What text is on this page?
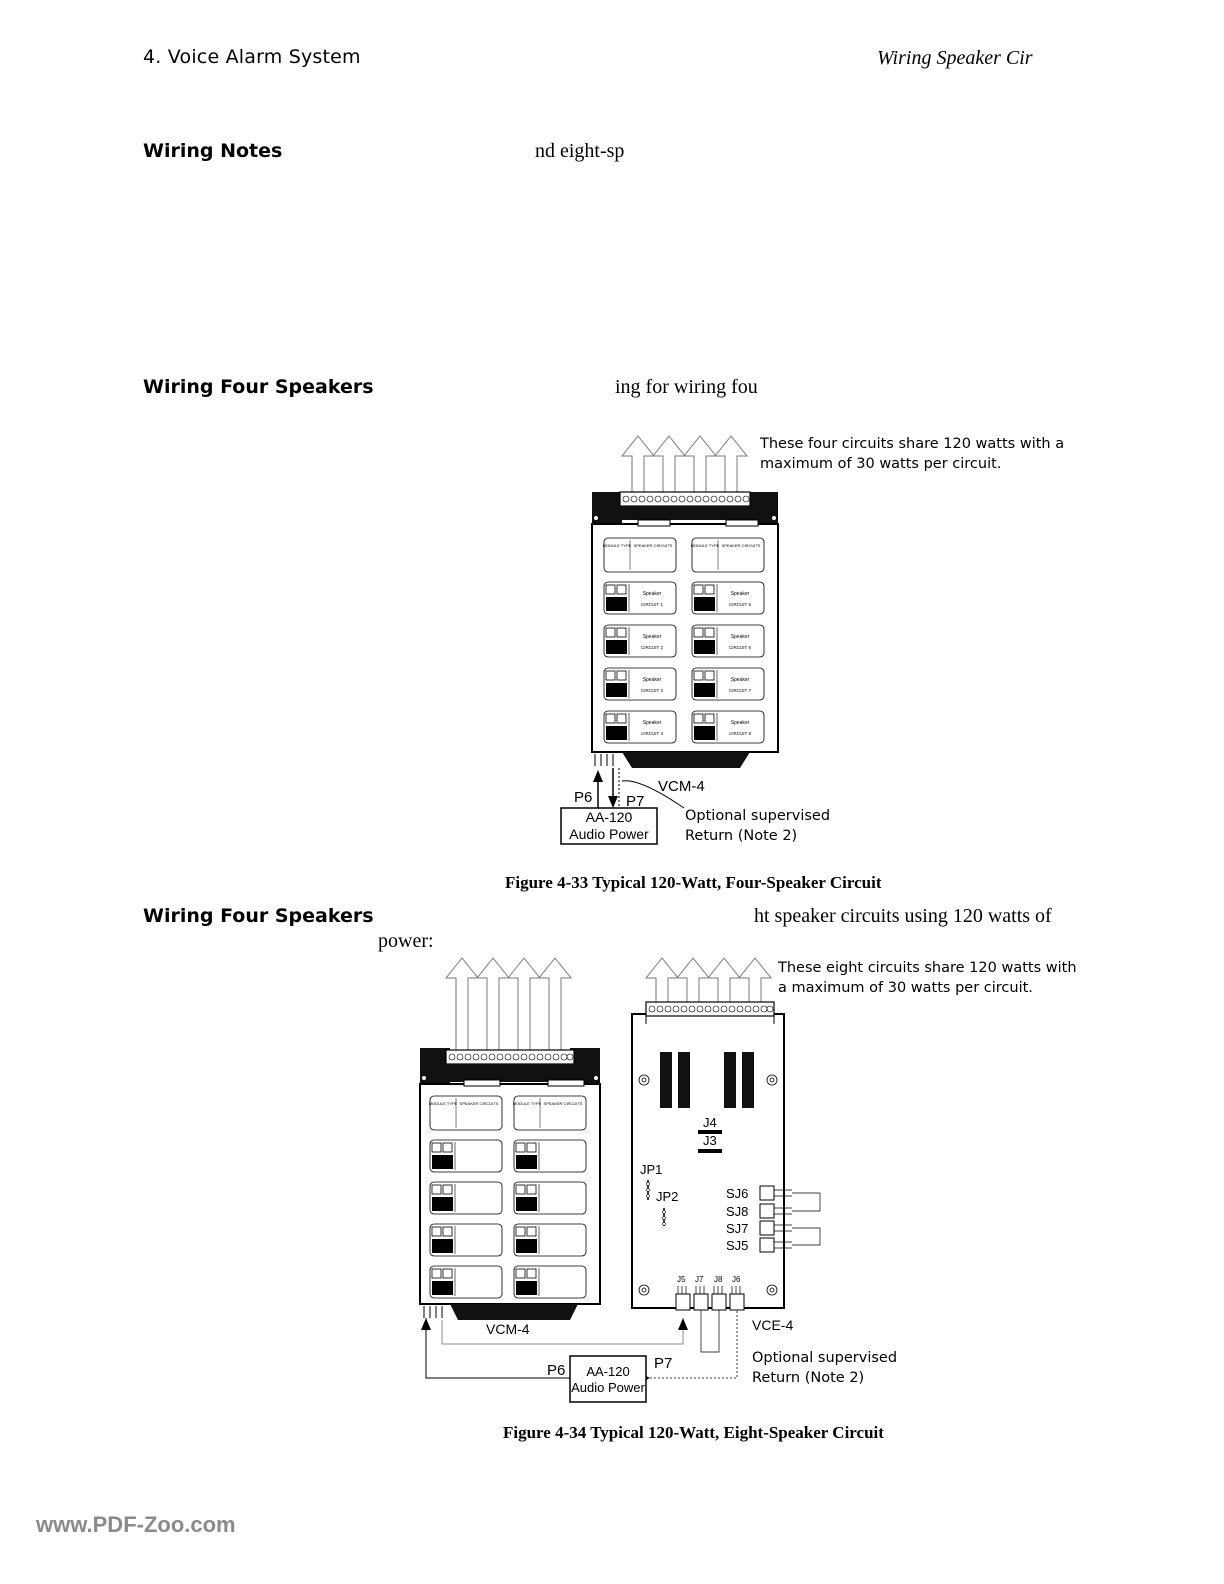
4. Voice Alarm System	Wiring Speaker Cir
Wiring Notes	nd eight-sp
Wiring Four Speakers	ing for wiring fou
MODULE TYPE SPEAKER CIRCUITS	MODULE TYPE SPEAKER CIRCUITS
Speaker
CIRCUIT 1
Speaker
CIRCUIT 5
Speaker
CIRCUIT 2
Speaker
CIRCUIT 6
Speaker
CIRCUIT 3
Speaker
CIRCUIT 7
Speaker
CIRCUIT 4
Speaker
CIRCUIT 8
AA-120
Audio Power
VCM-4
P6 P7
These four circuits share 120 watts with a
maximum of 30 watts per circuit.
Optional supervised
Return (Note 2)
Figure 4-33 Typical 120-Watt, Four-Speaker Circuit
Wiring Four Speakers	ht speaker circuits using 120 watts of
power:
MODULE TYPE SPEAKER CIRCUITS	MODULE TYPE SPEAKER CIRCUITS
VCM-4
J4
J3
JP1
JP2	SJ6
SJ8
SJ7
SJ5
J5 J7 J8 J6
VCE-4
AA-120
Audio Power
P6	P7
These eight circuits share 120 watts with
a maximum of 30 watts per circuit.
Optional supervised
Return (Note 2)
Figure 4-34 Typical 120-Watt, Eight-Speaker Circuit
www.PDF-Zoo.com
